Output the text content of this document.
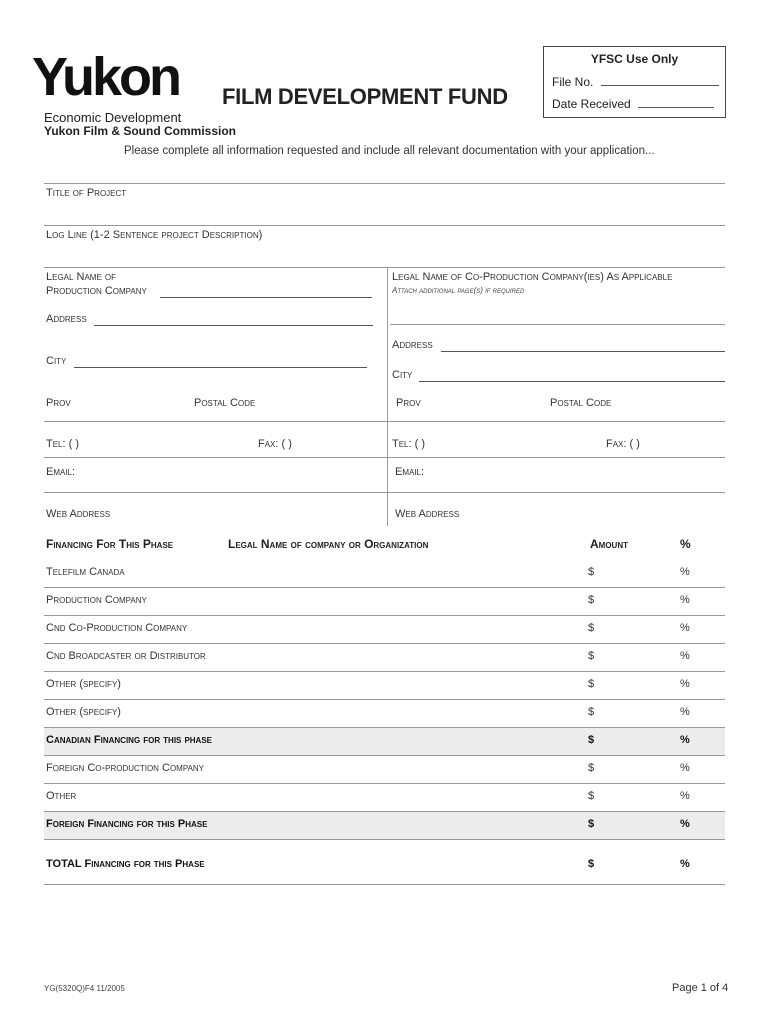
Yukon
Economic Development
Yukon Film & Sound Commission
FILM DEVELOPMENT FUND
YFSC Use Only
File No.
Date Received
Please complete all information requested and include all relevant documentation with your application...
Title of Project
Log Line (1-2 Sentence project Description)
Legal Name of
Production Company
Address
City
Prov	Postal Code
Tel: ( )	Fax: ( )
Email:
Web Address
Legal Name of Co-Production Company(ies) As Applicable
Attach additional page(s) if required
Address
City
Prov	Postal Code
Tel: ( )	Fax: ( )
Email:
Web Address
Financing For This Phase	Legal Name of company or Organization	Amount	%
Telefilm Canada	$	%
Production Company	$	%
Cnd Co-Production Company	$	%
Cnd Broadcaster or Distributor	$	%
Other (specify)	$	%
Other (specify)	$	%
Canadian Financing for this phase	$	%
Foreign Co-production Company	$	%
Other	$	%
Foreign Financing for this Phase	$	%
TOTAL Financing for this Phase	$	%
YG(5320Q)F4 11/2005	Page 1 of 4
